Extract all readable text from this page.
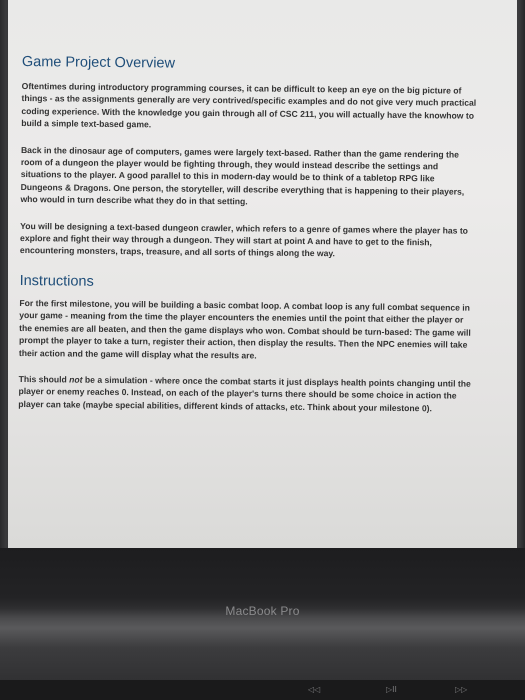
Game Project Overview

Oftentimes during introductory programming courses, it can be difficult to keep an eye on the big picture of things - as the assignments generally are very contrived/specific examples and do not give very much practical coding experience. With the knowledge you gain through all of CSC 211, you will actually have the knowhow to build a simple text-based game.

Back in the dinosaur age of computers, games were largely text-based. Rather than the game rendering the room of a dungeon the player would be fighting through, they would instead describe the settings and situations to the player. A good parallel to this in modern-day would be to think of a tabletop RPG like Dungeons & Dragons. One person, the storyteller, will describe everything that is happening to their players, who would in turn describe what they do in that setting.

You will be designing a text-based dungeon crawler, which refers to a genre of games where the player has to explore and fight their way through a dungeon. They will start at point A and have to get to the finish, encountering monsters, traps, treasure, and all sorts of things along the way.

Instructions

For the first milestone, you will be building a basic combat loop. A combat loop is any full combat sequence in your game - meaning from the time the player encounters the enemies until the point that either the player or the enemies are all beaten, and then the game displays who won. Combat should be turn-based: The game will prompt the player to take a turn, register their action, then display the results. Then the NPC enemies will take their action and the game will display what the results are.

This should not be a simulation - where once the combat starts it just displays health points changing until the player or enemy reaches 0. Instead, on each of the player's turns there should be some choice in action the player can take (maybe special abilities, different kinds of attacks, etc. Think about your milestone 0).

MacBook Pro
◁◁	▷II	▷▷
